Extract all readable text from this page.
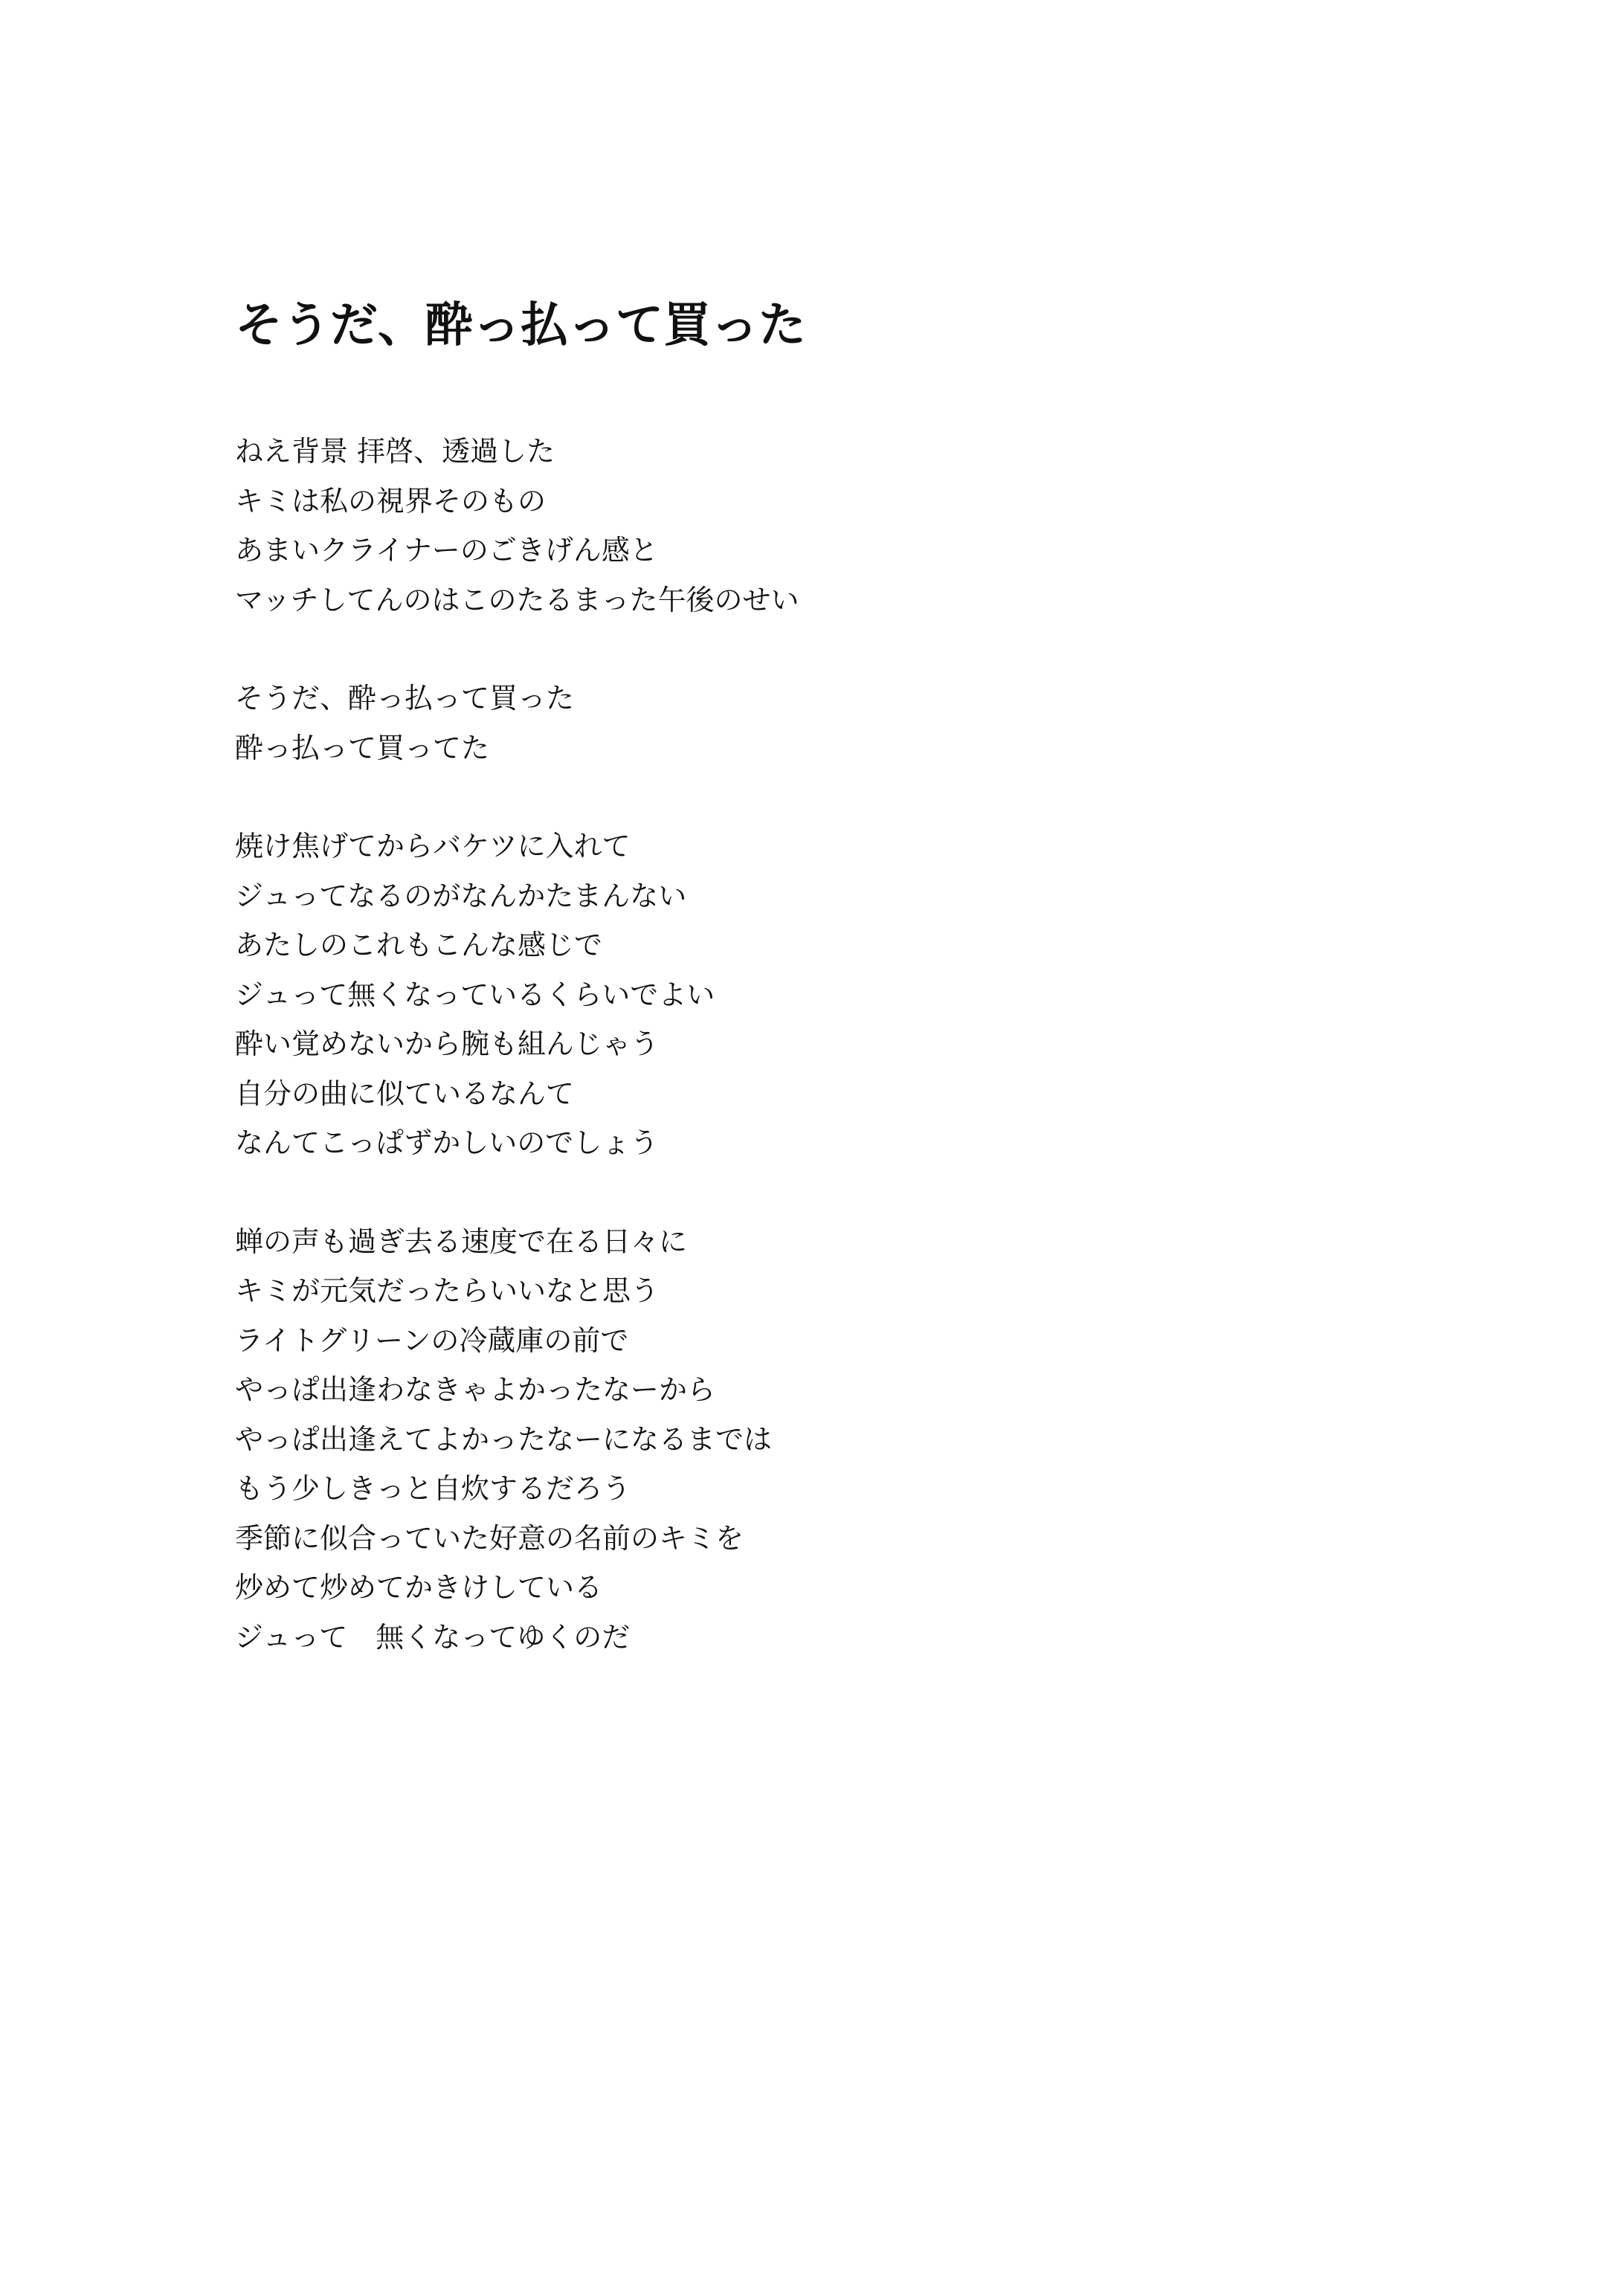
そうだ、酔っ払って買った
ねえ背景 拝啓、透過した
キミは私の視界そのもの
あまいクライナーのごきげん感と
マッチしてんのはこのたるまった午後のせい
そうだ、酔っ払って買った
酔っ払って買ってた
焼け焦げてからバケツに入れて
ジュってなるのがなんかたまんない
あたしのこれもこんな感じで
ジュって無くなっているくらいでよい
酔い覚めないから腕も組んじゃう
自分の曲に似ているなんて
なんてこっぱずかしいのでしょう
蝉の声も過ぎ去る速度で在る日々に
キミが元気だったらいいなと思う
ライトグリーンの冷蔵庫の前で
やっぱ出逢わなきゃよかったなーから
やっぱ出逢えてよかったなーになるまでは
もう少しきっと自炊するだろう
季節に似合っていた好意の名前のキミを
炒めて炒めてかきけしている
ジュって　無くなってゆくのだ
